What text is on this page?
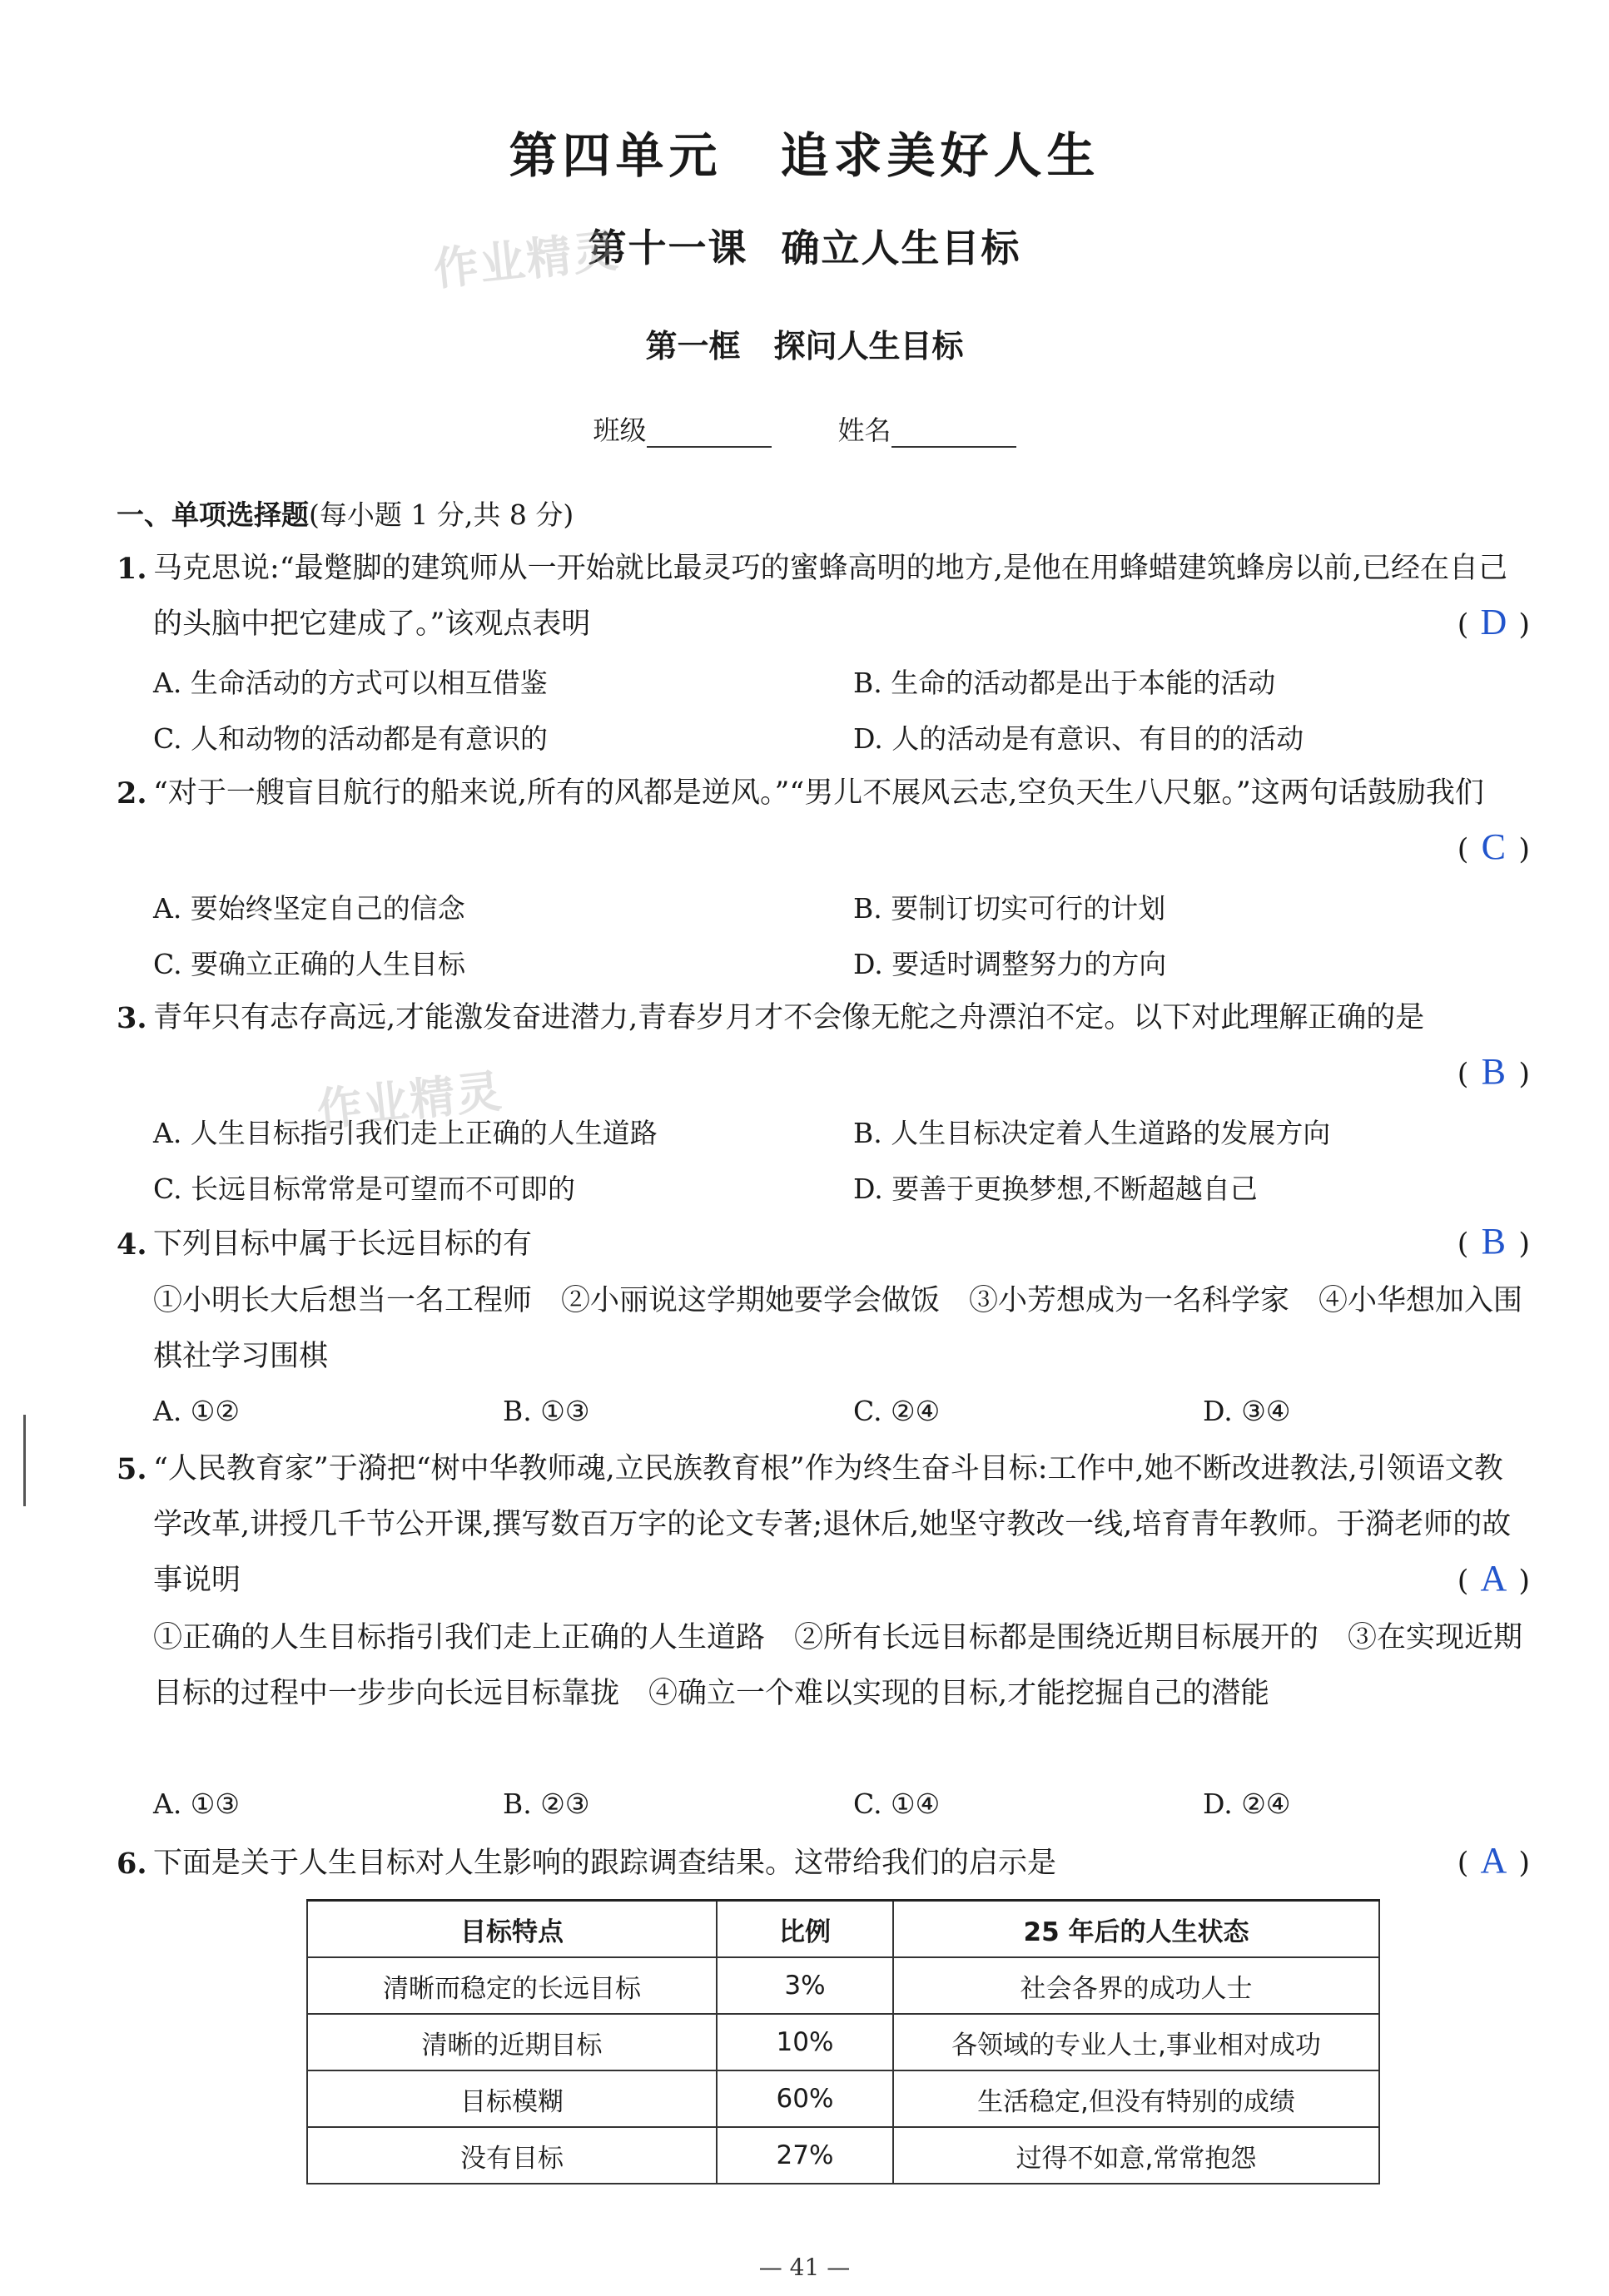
第四单元 追求美好人生
第十一课 确立人生目标
作业精灵
第一框 探问人生目标
班级	姓名
一、单项选择题(每小题 1 分,共 8 分)
1. 马克思说:“最蹩脚的建筑师从一开始就比最灵巧的蜜蜂高明的地方,是他在用蜂蜡建筑蜂房以前,已经在自己的头脑中把它建成了。”该观点表明	( D )
A. 生命活动的方式可以相互借鉴	B. 生命的活动都是出于本能的活动
C. 人和动物的活动都是有意识的	D. 人的活动是有意识、有目的的活动
2. “对于一艘盲目航行的船来说,所有的风都是逆风。”“男儿不展风云志,空负天生八尺躯。”这两句话鼓励我们
( C )
A. 要始终坚定自己的信念	B. 要制订切实可行的计划
C. 要确立正确的人生目标	D. 要适时调整努力的方向
3. 青年只有志存高远,才能激发奋进潜力,青春岁月才不会像无舵之舟漂泊不定。以下对此理解正确的是
( B )
作业精灵
A. 人生目标指引我们走上正确的人生道路	B. 人生目标决定着人生道路的发展方向
C. 长远目标常常是可望而不可即的	D. 要善于更换梦想,不断超越自己
4. 下列目标中属于长远目标的有	( B )
①小明长大后想当一名工程师　②小丽说这学期她要学会做饭　③小芳想成为一名科学家　④小华想加入围棋社学习围棋
A. ①②	B. ①③	C. ②④	D. ③④
5. “人民教育家”于漪把“树中华教师魂,立民族教育根”作为终生奋斗目标:工作中,她不断改进教法,引领语文教学改革,讲授几千节公开课,撰写数百万字的论文专著;退休后,她坚守教改一线,培育青年教师。于漪老师的故事说明	( A )
①正确的人生目标指引我们走上正确的人生道路　②所有长远目标都是围绕近期目标展开的　③在实现近期目标的过程中一步步向长远目标靠拢　④确立一个难以实现的目标,才能挖掘自己的潜能
A. ①③	B. ②③	C. ①④	D. ②④
6. 下面是关于人生目标对人生影响的跟踪调查结果。这带给我们的启示是	( A )
目标特点	比例	25 年后的人生状态
清晰而稳定的长远目标	3%	社会各界的成功人士
清晰的近期目标	10%	各领域的专业人士,事业相对成功
目标模糊	60%	生活稳定,但没有特别的成绩
没有目标	27%	过得不如意,常常抱怨
— 41 —
